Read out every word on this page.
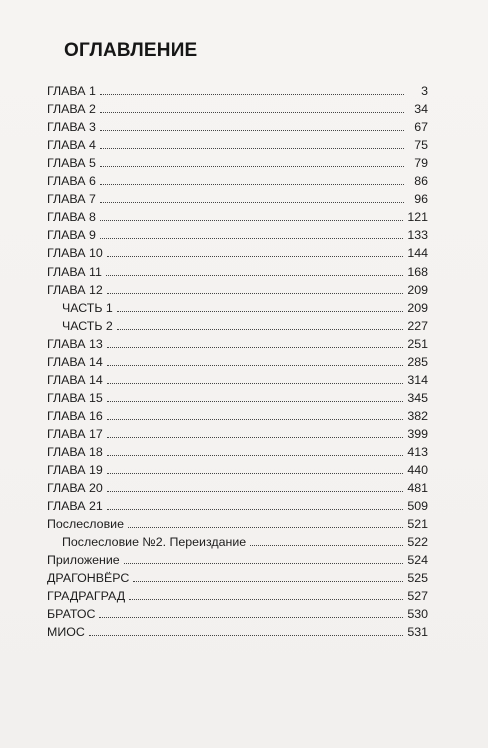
ОГЛАВЛЕНИЕ
ГЛАВА 1	3
ГЛАВА 2	34
ГЛАВА 3	67
ГЛАВА 4	75
ГЛАВА 5	79
ГЛАВА 6	86
ГЛАВА 7	96
ГЛАВА 8	121
ГЛАВА 9	133
ГЛАВА 10	144
ГЛАВА 11	168
ГЛАВА 12	209
ЧАСТЬ 1	209
ЧАСТЬ 2	227
ГЛАВА 13	251
ГЛАВА 14	285
ГЛАВА 14	314
ГЛАВА 15	345
ГЛАВА 16	382
ГЛАВА 17	399
ГЛАВА 18	413
ГЛАВА 19	440
ГЛАВА 20	481
ГЛАВА 21	509
Послесловие	521
Послесловие №2. Переиздание	522
Приложение	524
ДРАГОНВЁРС	525
ГРАДРАГРАД	527
БРАТОС	530
МИОС	531
